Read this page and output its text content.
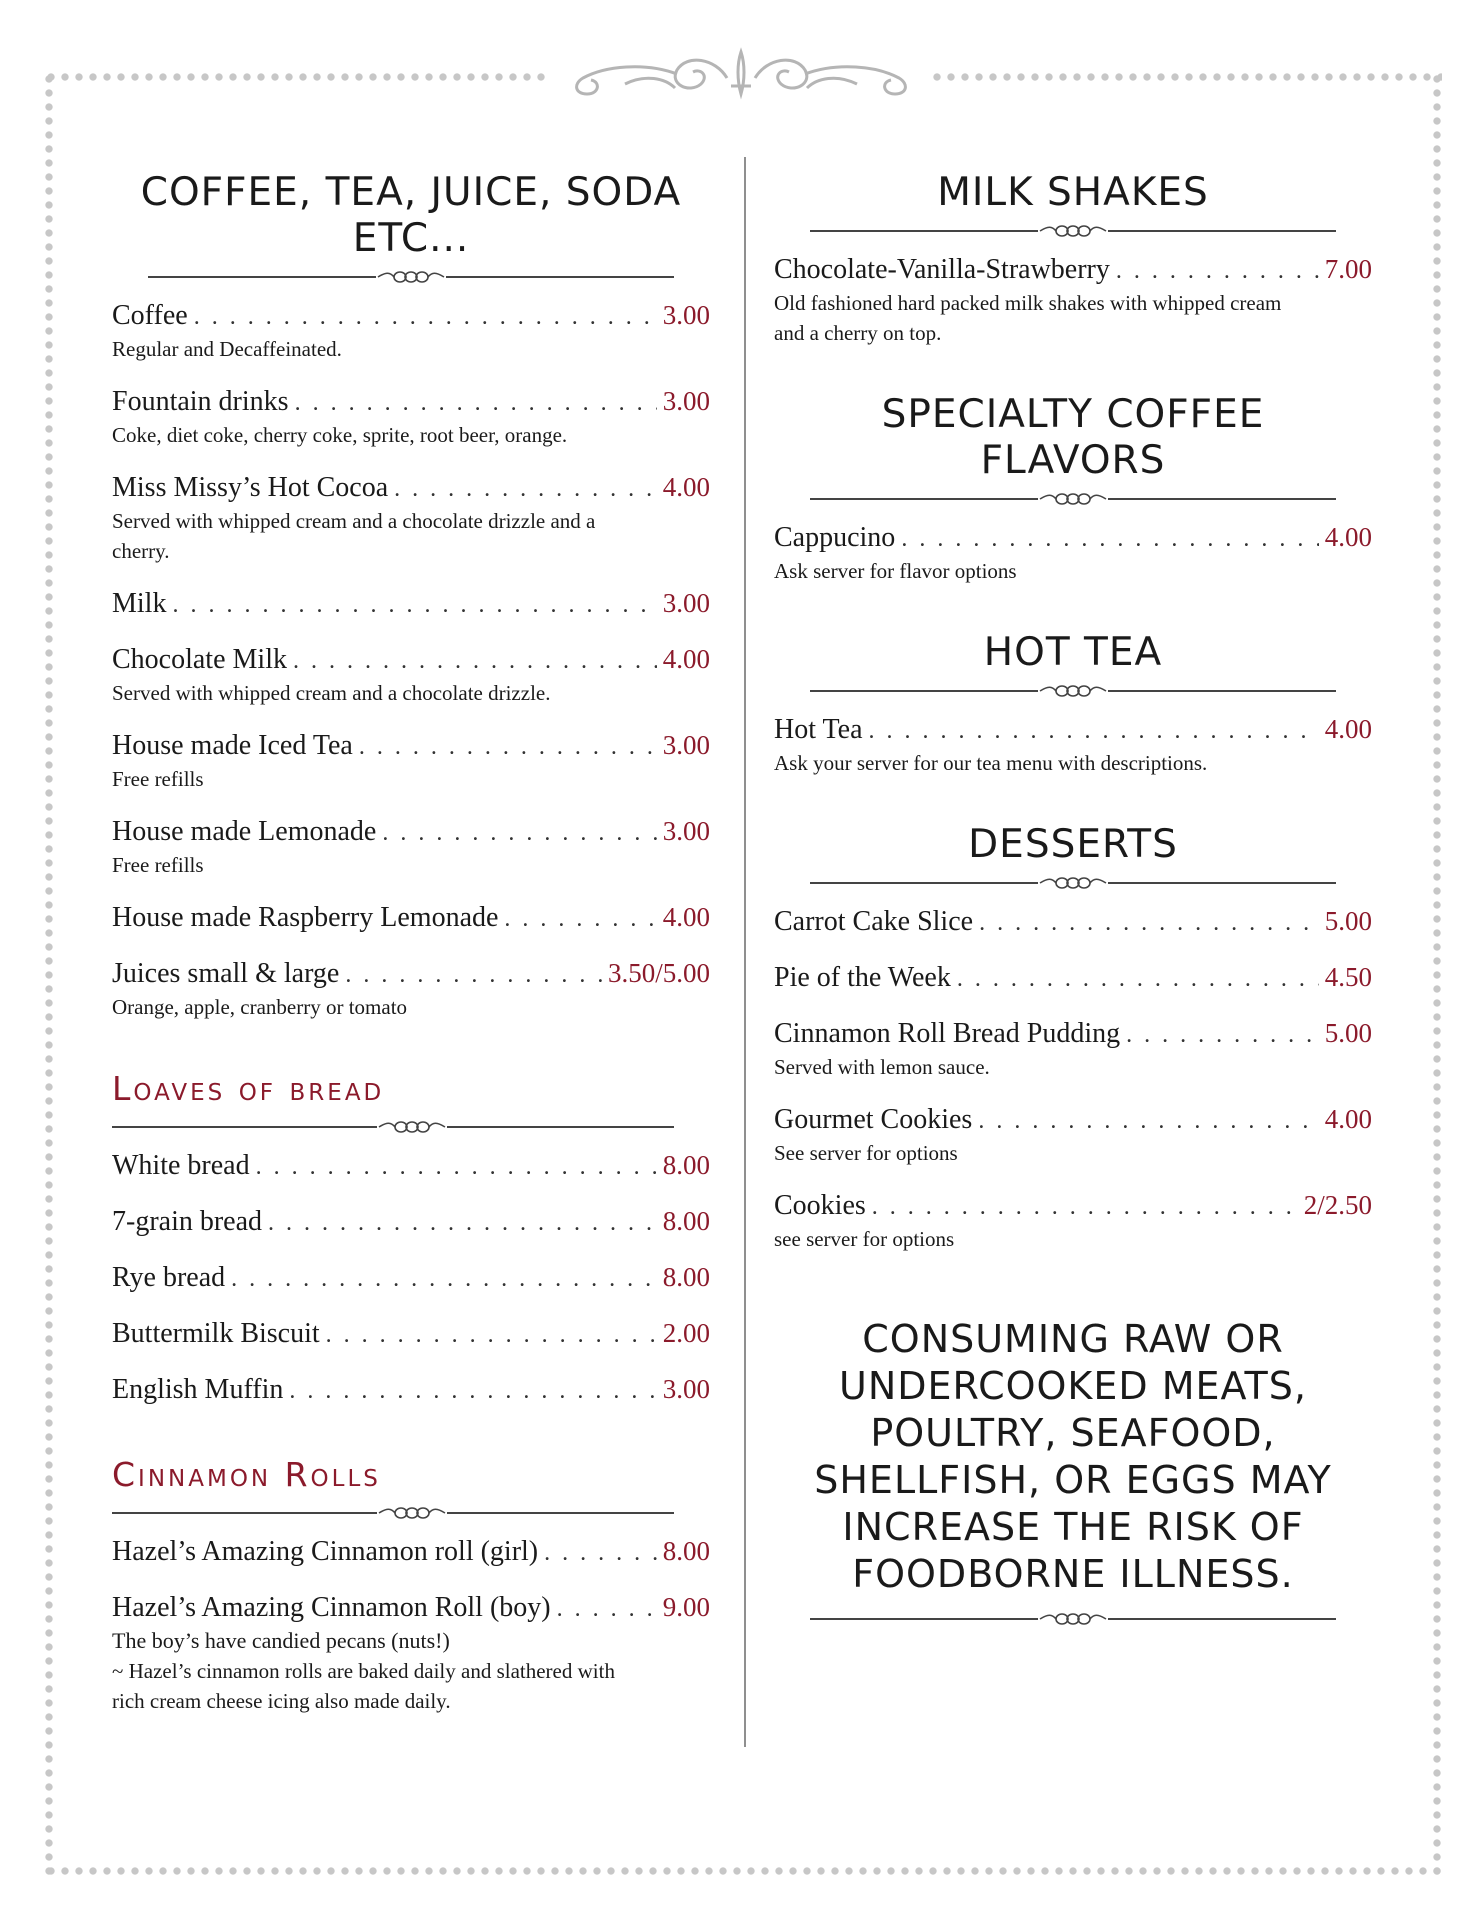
COFFEE, TEA, JUICE, SODA ETC...
Coffee . . .	3.00
Regular and Decaffeinated.
Fountain drinks . . .	3.00
Coke, diet coke, cherry coke, sprite, root beer, orange.
Miss Missy’s Hot Cocoa . . .	4.00
Served with whipped cream and a chocolate drizzle and a cherry.
Milk . . .	3.00
Chocolate Milk . . .	4.00
Served with whipped cream and a chocolate drizzle.
House made Iced Tea . . .	3.00
Free refills
House made Lemonade . . .	3.00
Free refills
House made Raspberry Lemonade . . .	4.00
Juices small & large . . .	3.50/5.00
Orange, apple, cranberry or tomato
Loaves of bread
White bread . . .	8.00
7-grain bread . . .	8.00
Rye bread . . .	8.00
Buttermilk Biscuit . . .	2.00
English Muffin . . .	3.00
Cinnamon Rolls
Hazel’s Amazing Cinnamon roll (girl) . . .	8.00
Hazel’s Amazing Cinnamon Roll (boy) . . .	9.00
The boy’s have candied pecans (nuts!)
~ Hazel’s cinnamon rolls are baked daily and slathered with rich cream cheese icing also made daily.
MILK SHAKES
Chocolate-Vanilla-Strawberry . . .	7.00
Old fashioned hard packed milk shakes with whipped cream and a cherry on top.
SPECIALTY COFFEE FLAVORS
Cappucino . . .	4.00
Ask server for flavor options
HOT TEA
Hot Tea . . .	4.00
Ask your server for our tea menu with descriptions.
DESSERTS
Carrot Cake Slice . . .	5.00
Pie of the Week . . .	4.50
Cinnamon Roll Bread Pudding . . .	5.00
Served with lemon sauce.
Gourmet Cookies . . .	4.00
See server for options
Cookies . . .	2/2.50
see server for options
CONSUMING RAW OR UNDERCOOKED MEATS, POULTRY, SEAFOOD, SHELLFISH, OR EGGS MAY INCREASE THE RISK OF FOODBORNE ILLNESS.
